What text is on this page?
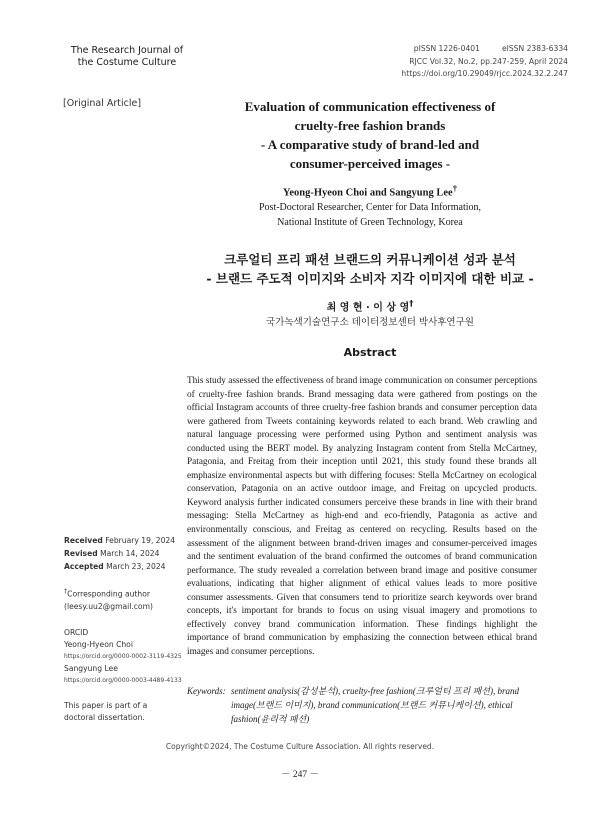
The Research Journal of
the Costume Culture
pISSN 1226-0401	eISSN 2383-6334
RJCC Vol.32, No.2, pp.247-259, April 2024
https://doi.org/10.29049/rjcc.2024.32.2.247
[Original Article]	Evaluation of communication effectiveness of
cruelty-free fashion brands
- A comparative study of brand-led and
consumer-perceived images -
Yeong-Hyeon Choi and Sangyung Lee†
Post-Doctoral Researcher, Center for Data Information,
National Institute of Green Technology, Korea
크루얼티 프리 패션 브랜드의 커뮤니케이션 성과 분석
- 브랜드 주도적 이미지와 소비자 지각 이미지에 대한 비교 -
최 영 현 · 이 상 영†
국가녹색기술연구소 데이터정보센터 박사후연구원
Abstract
This study assessed the effectiveness of brand image communication on consumer perceptions of cruelty-free fashion brands. Brand messaging data were gathered from postings on the official Instagram accounts of three cruelty-free fashion brands and consumer perception data were gathered from Tweets containing keywords related to each brand. Web crawling and natural language processing were performed using Python and sentiment analysis was conducted using the BERT model. By analyzing Instagram content from Stella McCartney, Patagonia, and Freitag from their inception until 2021, this study found these brands all emphasize environmental aspects but with differing focuses: Stella McCartney on ecological conservation, Patagonia on an active outdoor image, and Freitag on upcycled products. Keyword analysis further indicated consumers perceive these brands in line with their brand messaging: Stella McCartney as high-end and eco-friendly, Patagonia as active and environmentally conscious, and Freitag as centered on recycling. Results based on the assessment of the alignment between brand-driven images and consumer-perceived images and the sentiment evaluation of the brand confirmed the outcomes of brand communication performance. The study revealed a correlation between brand image and positive consumer evaluations, indicating that higher alignment of ethical values leads to more positive consumer assessments. Given that consumers tend to prioritize search keywords over brand concepts, it's important for brands to focus on using visual imagery and promotions to effectively convey brand communication information. These findings highlight the importance of brand communication by emphasizing the connection between ethical brand images and consumer perceptions.
Keywords: sentiment analysis(감성분석), cruelty-free fashion(크루얼티 프리 패션), brand image(브랜드 이미지), brand communication(브랜드 커뮤니케이션), ethical fashion(윤리적 패션)
Received February 19, 2024
Revised March 14, 2024
Accepted March 23, 2024
†Corresponding author
(leesy.uu2@gmail.com)
ORCID
Yeong-Hyeon Choi
https://orcid.org/0000-0002-3119-4325
Sangyung Lee
https://orcid.org/0000-0003-4489-4133
This paper is part of a
doctoral dissertation.
Copyright©2024, The Costume Culture Association. All rights reserved.
－ 247 －
